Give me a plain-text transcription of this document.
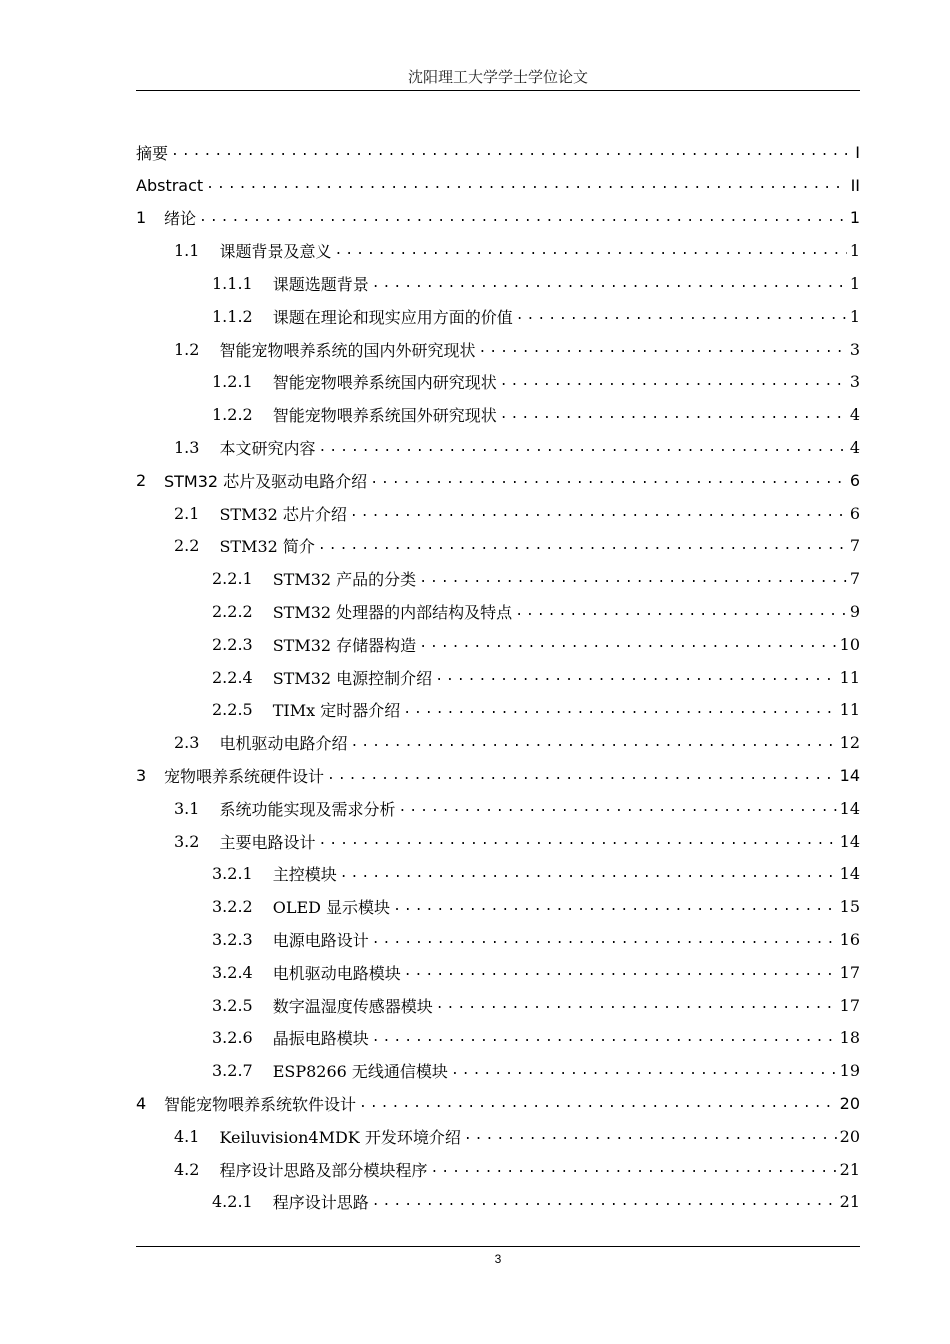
沈阳理工大学学士学位论文
摘要 .....	I
Abstract .....	II
1 绪论 .....	1
1.1 课题背景及意义 .....	1
1.1.1 课题选题背景 .....	1
1.1.2 课题在理论和现实应用方面的价值 .....	1
1.2 智能宠物喂养系统的国内外研究现状 .....	3
1.2.1 智能宠物喂养系统国内研究现状 .....	3
1.2.2 智能宠物喂养系统国外研究现状 .....	4
1.3 本文研究内容 .....	4
2 STM32 芯片及驱动电路介绍 .....	6
2.1 STM32 芯片介绍 .....	6
2.2 STM32 简介 .....	7
2.2.1 STM32 产品的分类 .....	7
2.2.2 STM32 处理器的内部结构及特点 .....	9
2.2.3 STM32 存储器构造 .....	10
2.2.4 STM32 电源控制介绍 .....	11
2.2.5 TIMx 定时器介绍 .....	11
2.3 电机驱动电路介绍 .....	12
3 宠物喂养系统硬件设计 .....	14
3.1 系统功能实现及需求分析 .....	14
3.2 主要电路设计 .....	14
3.2.1 主控模块 .....	14
3.2.2 OLED 显示模块 .....	15
3.2.3 电源电路设计 .....	16
3.2.4 电机驱动电路模块 .....	17
3.2.5 数字温湿度传感器模块 .....	17
3.2.6 晶振电路模块 .....	18
3.2.7 ESP8266 无线通信模块 .....	19
4 智能宠物喂养系统软件设计 .....	20
4.1 Keiluvision4MDK 开发环境介绍 .....	20
4.2 程序设计思路及部分模块程序 .....	21
4.2.1 程序设计思路 .....	21
3
